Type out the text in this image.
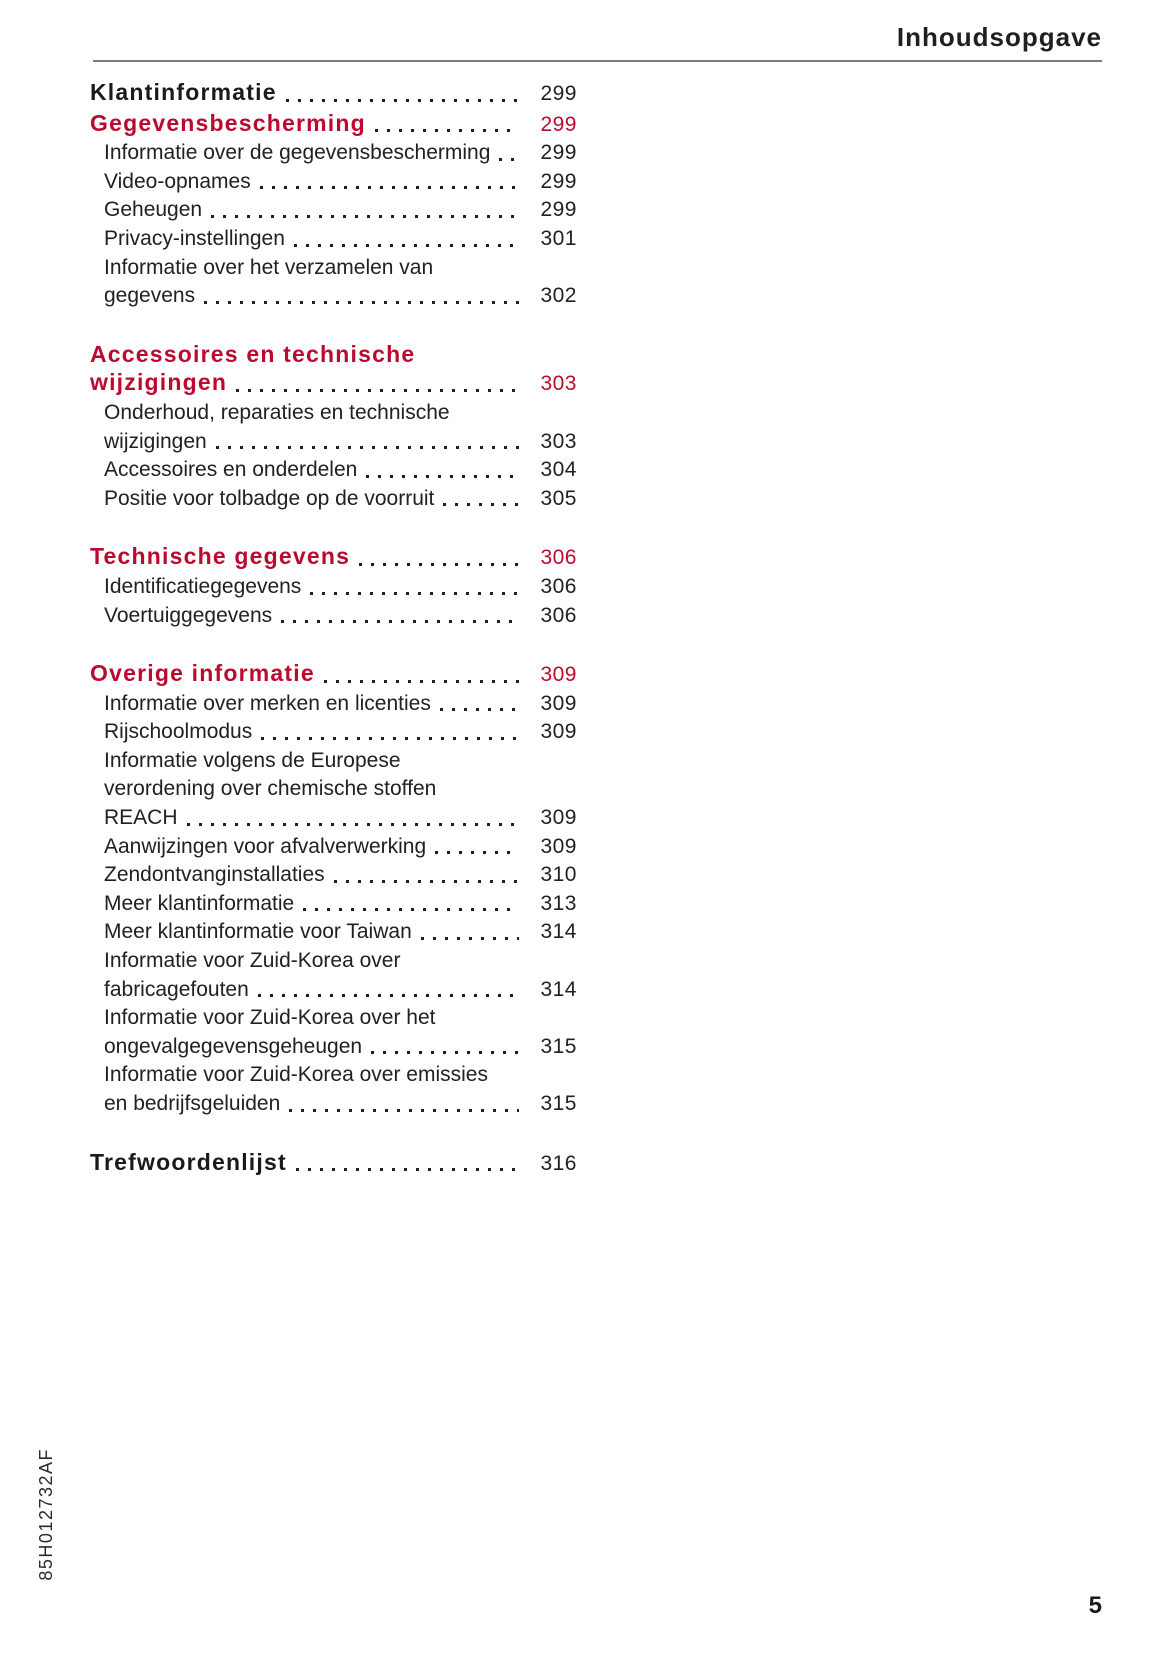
Inhoudsopgave
Klantinformatie	299
Gegevensbescherming	299
Informatie over de gegevensbescherming	299
Video-opnames	299
Geheugen	299
Privacy-instellingen	301
Informatie over het verzamelen van
gegevens	302
Accessoires en technische
wijzigingen	303
Onderhoud, reparaties en technische
wijzigingen	303
Accessoires en onderdelen	304
Positie voor tolbadge op de voorruit	305
Technische gegevens	306
Identificatiegegevens	306
Voertuiggegevens	306
Overige informatie	309
Informatie over merken en licenties	309
Rijschoolmodus	309
Informatie volgens de Europese
verordening over chemische stoffen
REACH	309
Aanwijzingen voor afvalverwerking	309
Zendontvanginstallaties	310
Meer klantinformatie	313
Meer klantinformatie voor Taiwan	314
Informatie voor Zuid-Korea over
fabricagefouten	314
Informatie voor Zuid-Korea over het
ongevalgegevensgeheugen	315
Informatie voor Zuid-Korea over emissies
en bedrijfsgeluiden	315
Trefwoordenlijst	316
85H012732AF
5
